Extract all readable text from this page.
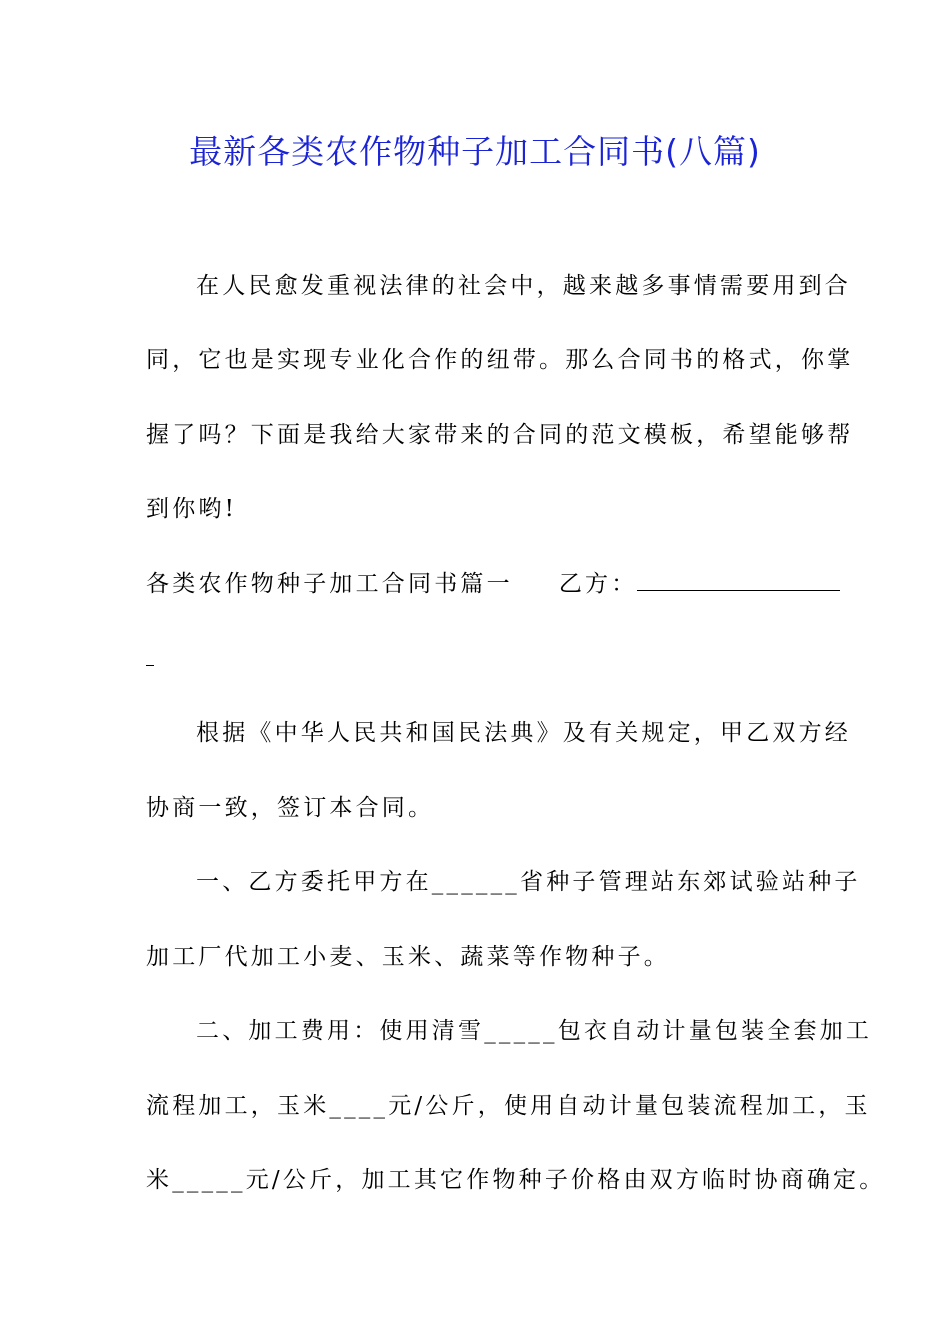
最新各类农作物种子加工合同书(八篇)
在人民愈发重视法律的社会中，越来越多事情需要用到合
同，它也是实现专业化合作的纽带。那么合同书的格式，你掌
握了吗？下面是我给大家带来的合同的范文模板，希望能够帮
到你哟!
各类农作物种子加工合同书篇一 乙方：
根据《中华人民共和国民法典》及有关规定，甲乙双方经
协商一致，签订本合同。
一、乙方委托甲方在______省种子管理站东郊试验站种子
加工厂代加工小麦、玉米、蔬菜等作物种子。
二、加工费用：使用清雪_____包衣自动计量包装全套加工
流程加工，玉米____元/公斤，使用自动计量包装流程加工，玉
米_____元/公斤，加工其它作物种子价格由双方临时协商确定。
